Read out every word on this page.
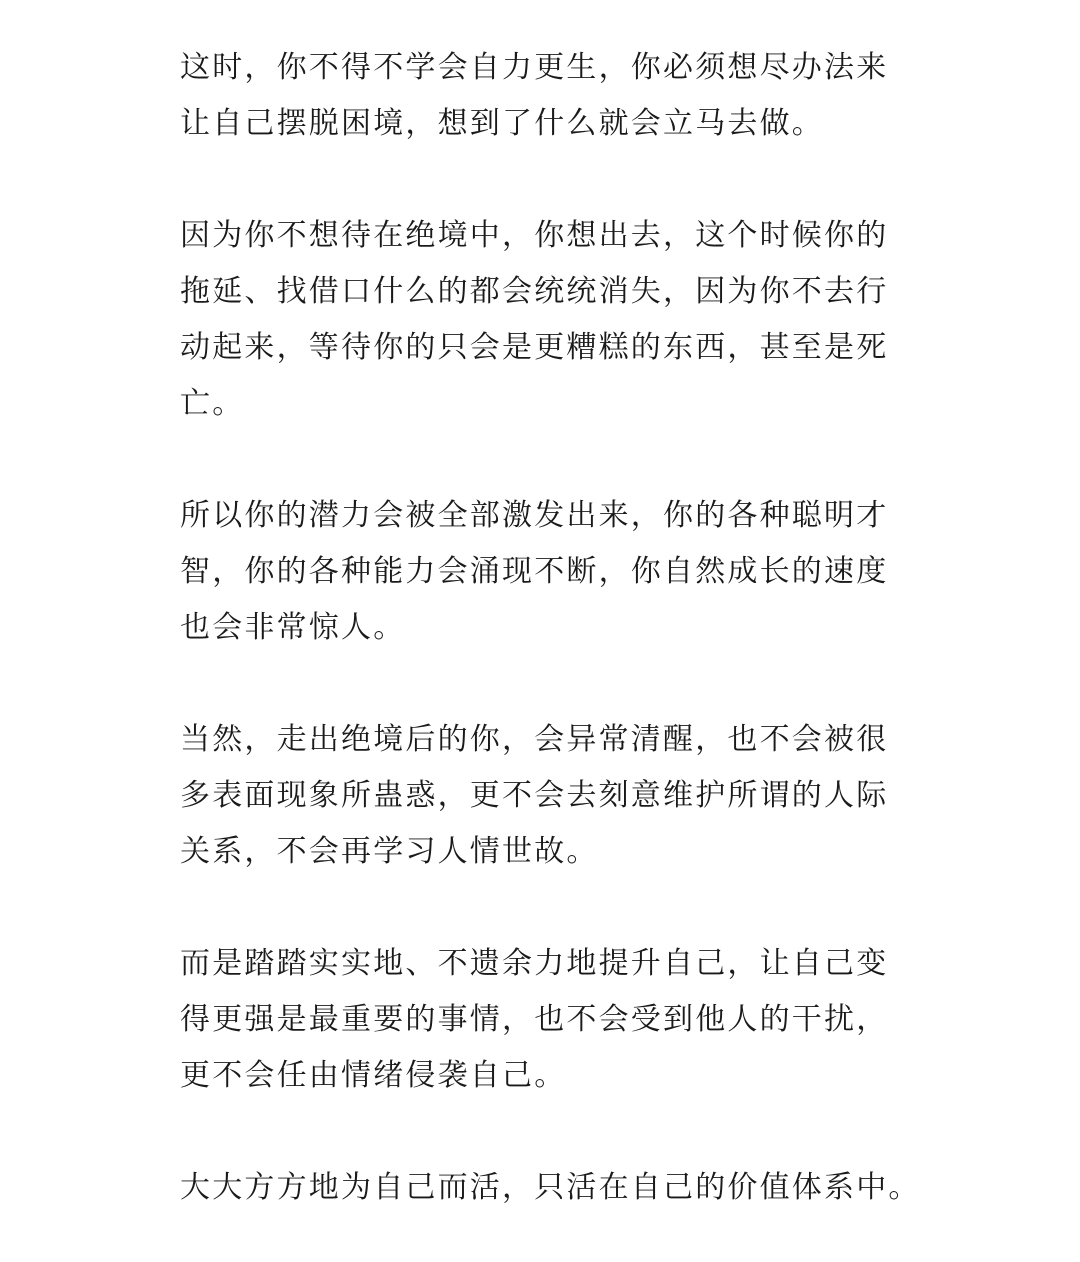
这时，你不得不学会自力更生，你必须想尽办法来
让自己摆脱困境，想到了什么就会立马去做。

因为你不想待在绝境中，你想出去，这个时候你的
拖延、找借口什么的都会统统消失，因为你不去行
动起来，等待你的只会是更糟糕的东西，甚至是死
亡。

所以你的潜力会被全部激发出来，你的各种聪明才
智，你的各种能力会涌现不断，你自然成长的速度
也会非常惊人。

当然，走出绝境后的你，会异常清醒，也不会被很
多表面现象所蛊惑，更不会去刻意维护所谓的人际
关系，不会再学习人情世故。

而是踏踏实实地、不遗余力地提升自己，让自己变
得更强是最重要的事情，也不会受到他人的干扰，
更不会任由情绪侵袭自己。

大大方方地为自己而活，只活在自己的价值体系中。
